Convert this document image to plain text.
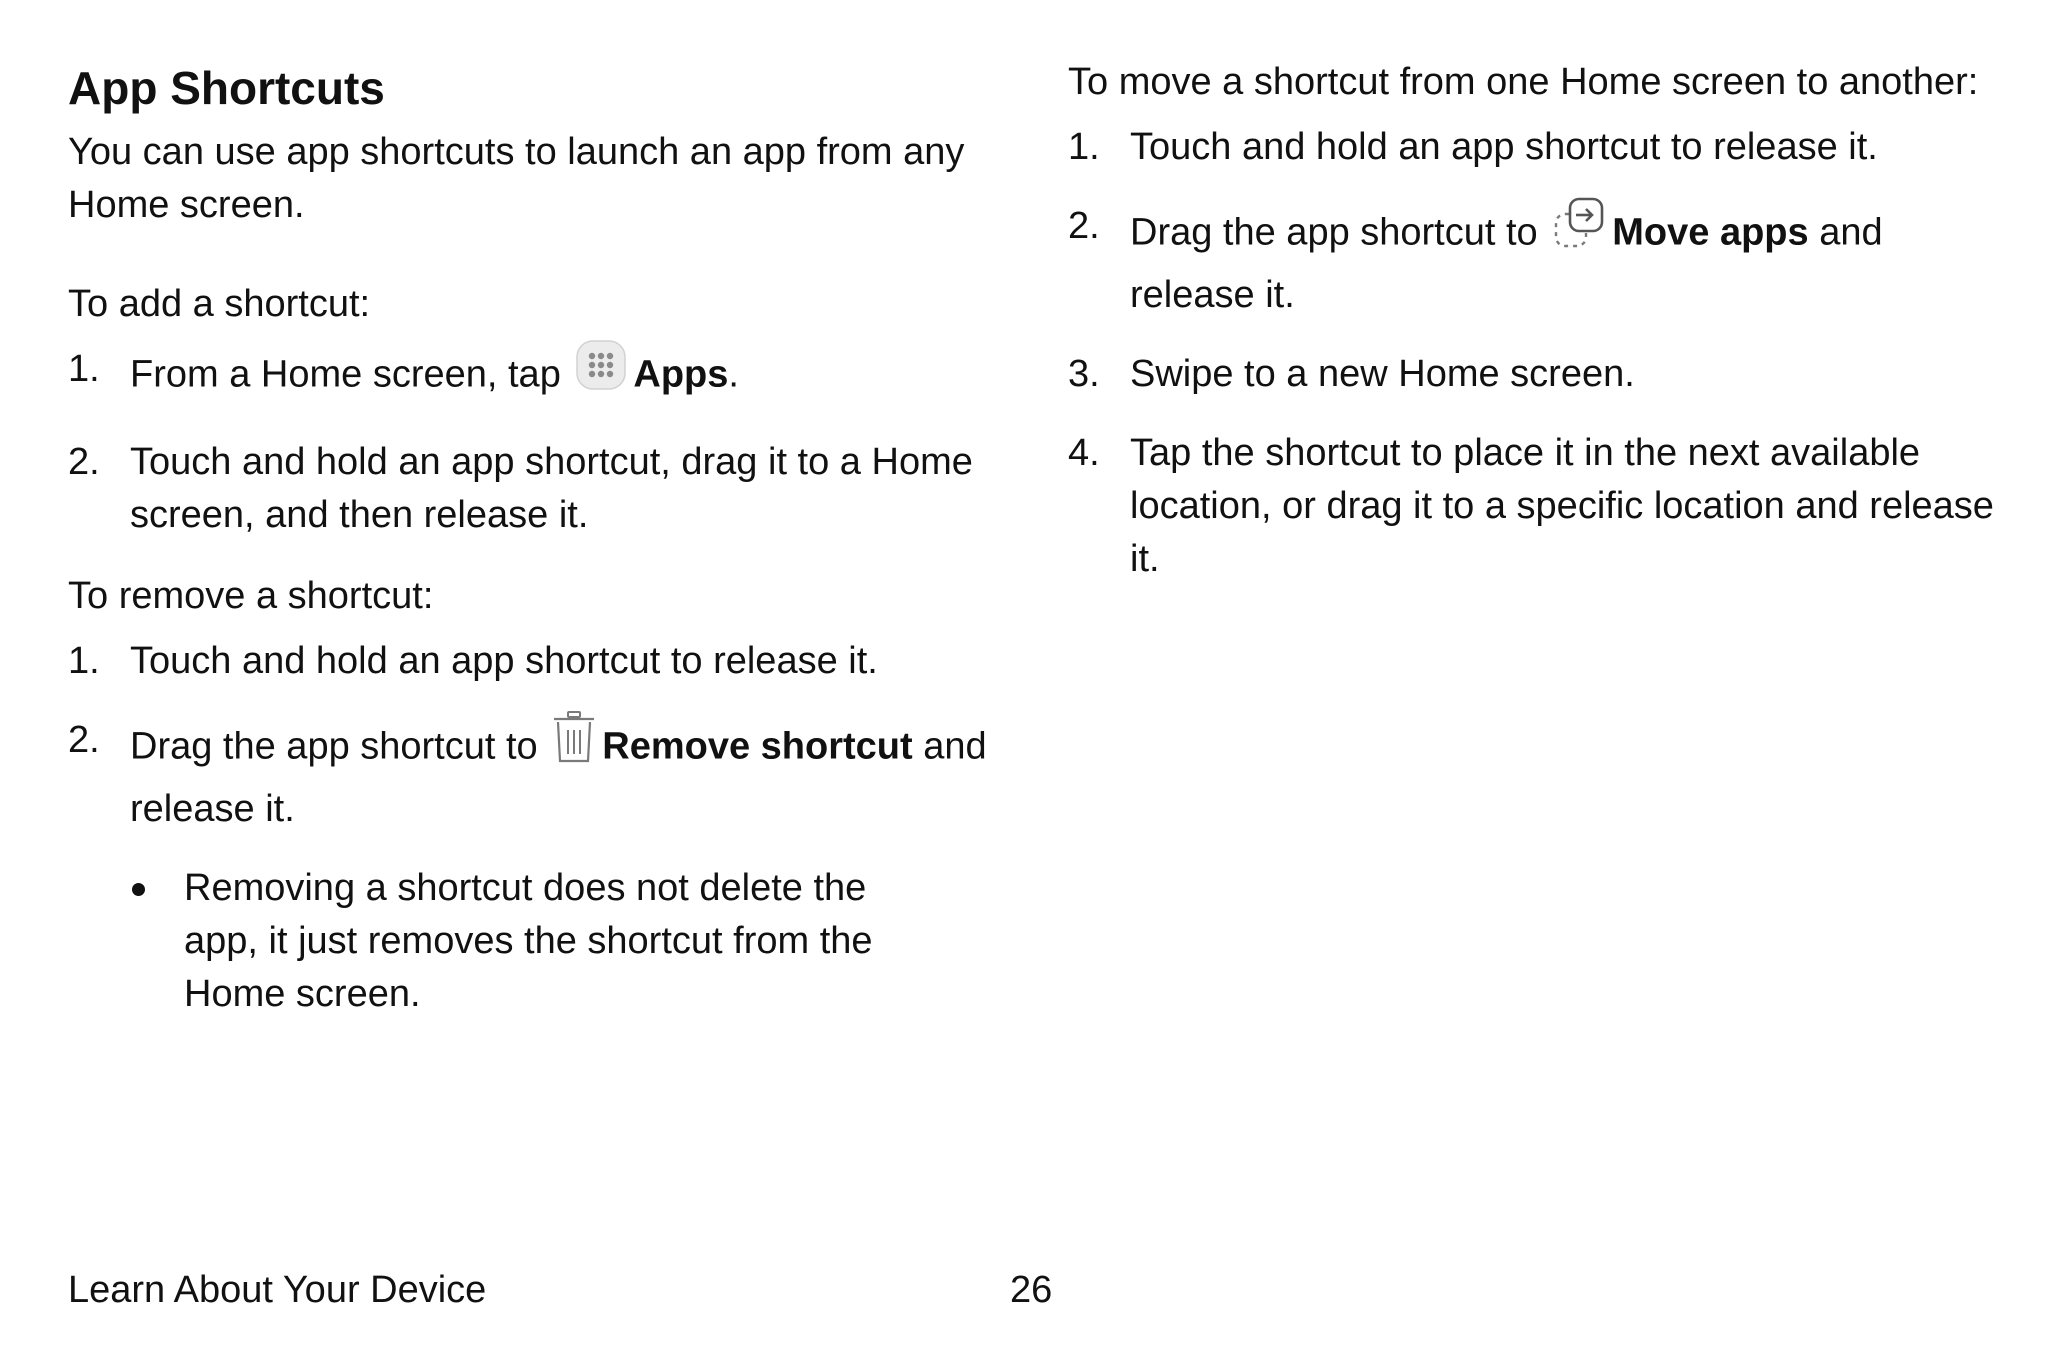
App Shortcuts

You can use app shortcuts to launch an app from any Home screen.

To add a shortcut:

1. From a Home screen, tap Apps.
2. Touch and hold an app shortcut, drag it to a Home screen, and then release it.

To remove a shortcut:

1. Touch and hold an app shortcut to release it.
2. Drag the app shortcut to Remove shortcut and release it.
Removing a shortcut does not delete the app, it just removes the shortcut from the Home screen.

To move a shortcut from one Home screen to another:

1. Touch and hold an app shortcut to release it.
2. Drag the app shortcut to Move apps and release it.
3. Swipe to a new Home screen.
4. Tap the shortcut to place it in the next available location, or drag it to a specific location and release it.
Learn About Your Device	26
